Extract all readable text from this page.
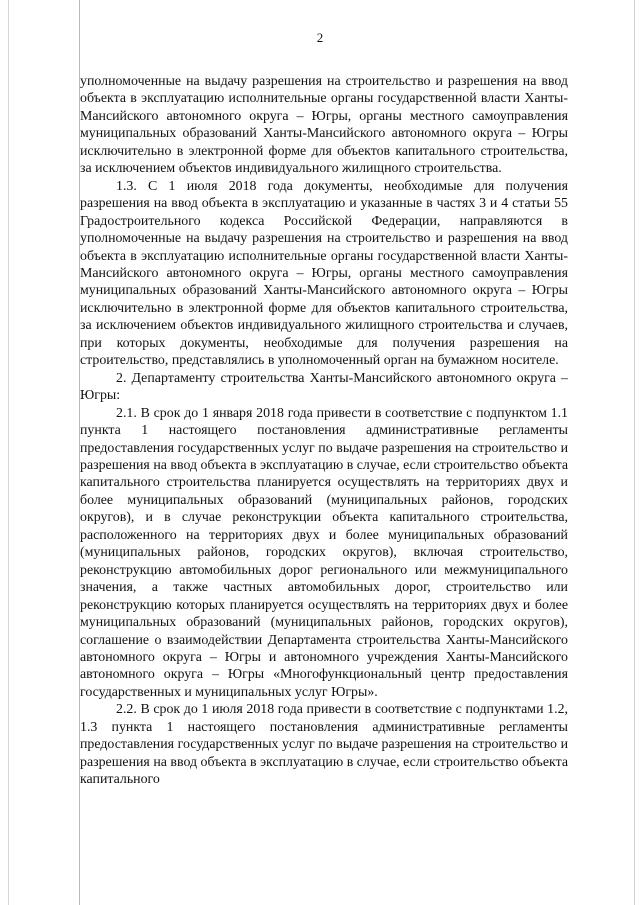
2

уполномоченные на выдачу разрешения на строительство и разрешения на ввод объекта в эксплуатацию исполнительные органы государственной власти Ханты-Мансийского автономного округа – Югры, органы местного самоуправления муниципальных образований Ханты-Мансийского автономного округа – Югры исключительно в электронной форме для объектов капитального строительства, за исключением объектов индивидуального жилищного строительства.

1.3. С 1 июля 2018 года документы, необходимые для получения разрешения на ввод объекта в эксплуатацию и указанные в частях 3 и 4 статьи 55 Градостроительного кодекса Российской Федерации, направляются в уполномоченные на выдачу разрешения на строительство и разрешения на ввод объекта в эксплуатацию исполнительные органы государственной власти Ханты-Мансийского автономного округа – Югры, органы местного самоуправления муниципальных образований Ханты-Мансийского автономного округа – Югры исключительно в электронной форме для объектов капитального строительства, за исключением объектов индивидуального жилищного строительства и случаев, при которых документы, необходимые для получения разрешения на строительство, представлялись в уполномоченный орган на бумажном носителе.

2. Департаменту строительства Ханты-Мансийского автономного округа – Югры:

2.1. В срок до 1 января 2018 года привести в соответствие с подпунктом 1.1 пункта 1 настоящего постановления административные регламенты предоставления государственных услуг по выдаче разрешения на строительство и разрешения на ввод объекта в эксплуатацию в случае, если строительство объекта капитального строительства планируется осуществлять на территориях двух и более муниципальных образований (муниципальных районов, городских округов), и в случае реконструкции объекта капитального строительства, расположенного на территориях двух и более муниципальных образований (муниципальных районов, городских округов), включая строительство, реконструкцию автомобильных дорог регионального или межмуниципального значения, а также частных автомобильных дорог, строительство или реконструкцию которых планируется осуществлять на территориях двух и более муниципальных образований (муниципальных районов, городских округов), соглашение о взаимодействии Департамента строительства Ханты-Мансийского автономного округа – Югры и автономного учреждения Ханты-Мансийского автономного округа – Югры «Многофункциональный центр предоставления государственных и муниципальных услуг Югры».

2.2. В срок до 1 июля 2018 года привести в соответствие с подпунктами 1.2, 1.3 пункта 1 настоящего постановления административные регламенты предоставления государственных услуг по выдаче разрешения на строительство и разрешения на ввод объекта в эксплуатацию в случае, если строительство объекта капитального
